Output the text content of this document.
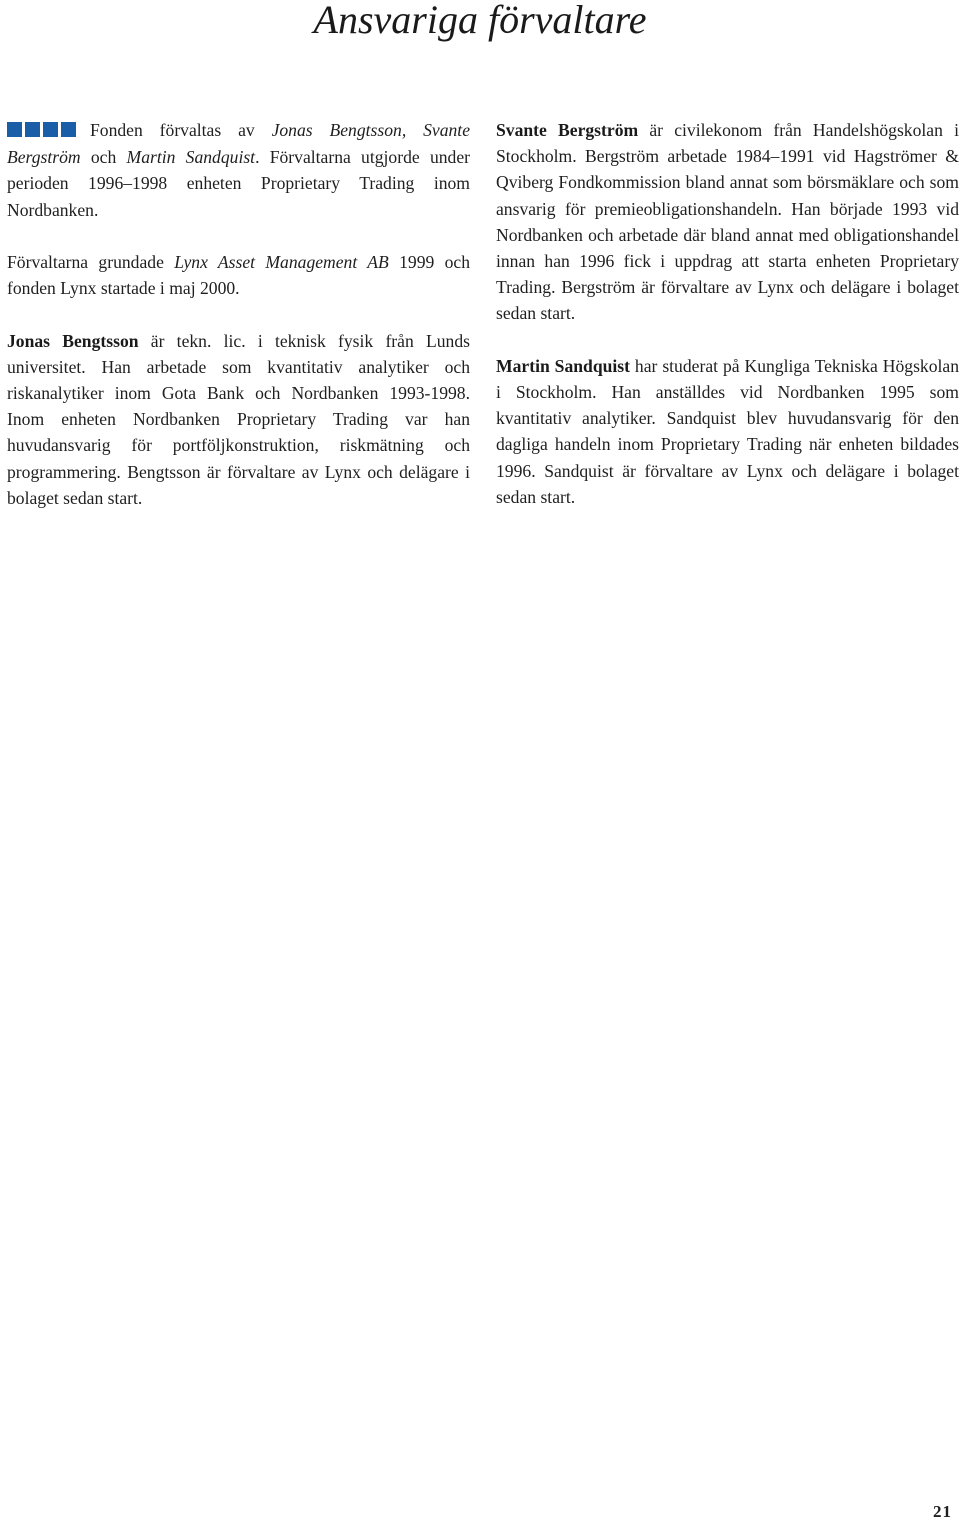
Ansvariga förvaltare

Fonden förvaltas av Jonas Bengtsson, Svante Bergström och Martin Sandquist. Förvaltarna utgjorde under perioden 1996–1998 enheten Proprietary Trading inom Nordbanken.

Förvaltarna grundade Lynx Asset Management AB 1999 och fonden Lynx startade i maj 2000.

Jonas Bengtsson är tekn. lic. i teknisk fysik från Lunds universitet. Han arbetade som kvantitativ analytiker och riskanalytiker inom Gota Bank och Nordbanken 1993-1998. Inom enheten Nordbanken Proprietary Trading var han huvudansvarig för portföljkonstruktion, riskmätning och programmering. Bengtsson är förvaltare av Lynx och delägare i bolaget sedan start.

Svante Bergström är civilekonom från Handelshögskolan i Stockholm. Bergström arbetade 1984–1991 vid Hagströmer & Qviberg Fondkommission bland annat som börsmäklare och som ansvarig för premieobligationshandeln. Han började 1993 vid Nordbanken och arbetade där bland annat med obligationshandel innan han 1996 fick i uppdrag att starta enheten Proprietary Trading. Bergström är förvaltare av Lynx och delägare i bolaget sedan start.

Martin Sandquist har studerat på Kungliga Tekniska Högskolan i Stockholm. Han anställdes vid Nordbanken 1995 som kvantitativ analytiker. Sandquist blev huvudansvarig för den dagliga handeln inom Proprietary Trading när enheten bildades 1996. Sandquist är förvaltare av Lynx och delägare i bolaget sedan start.

21
